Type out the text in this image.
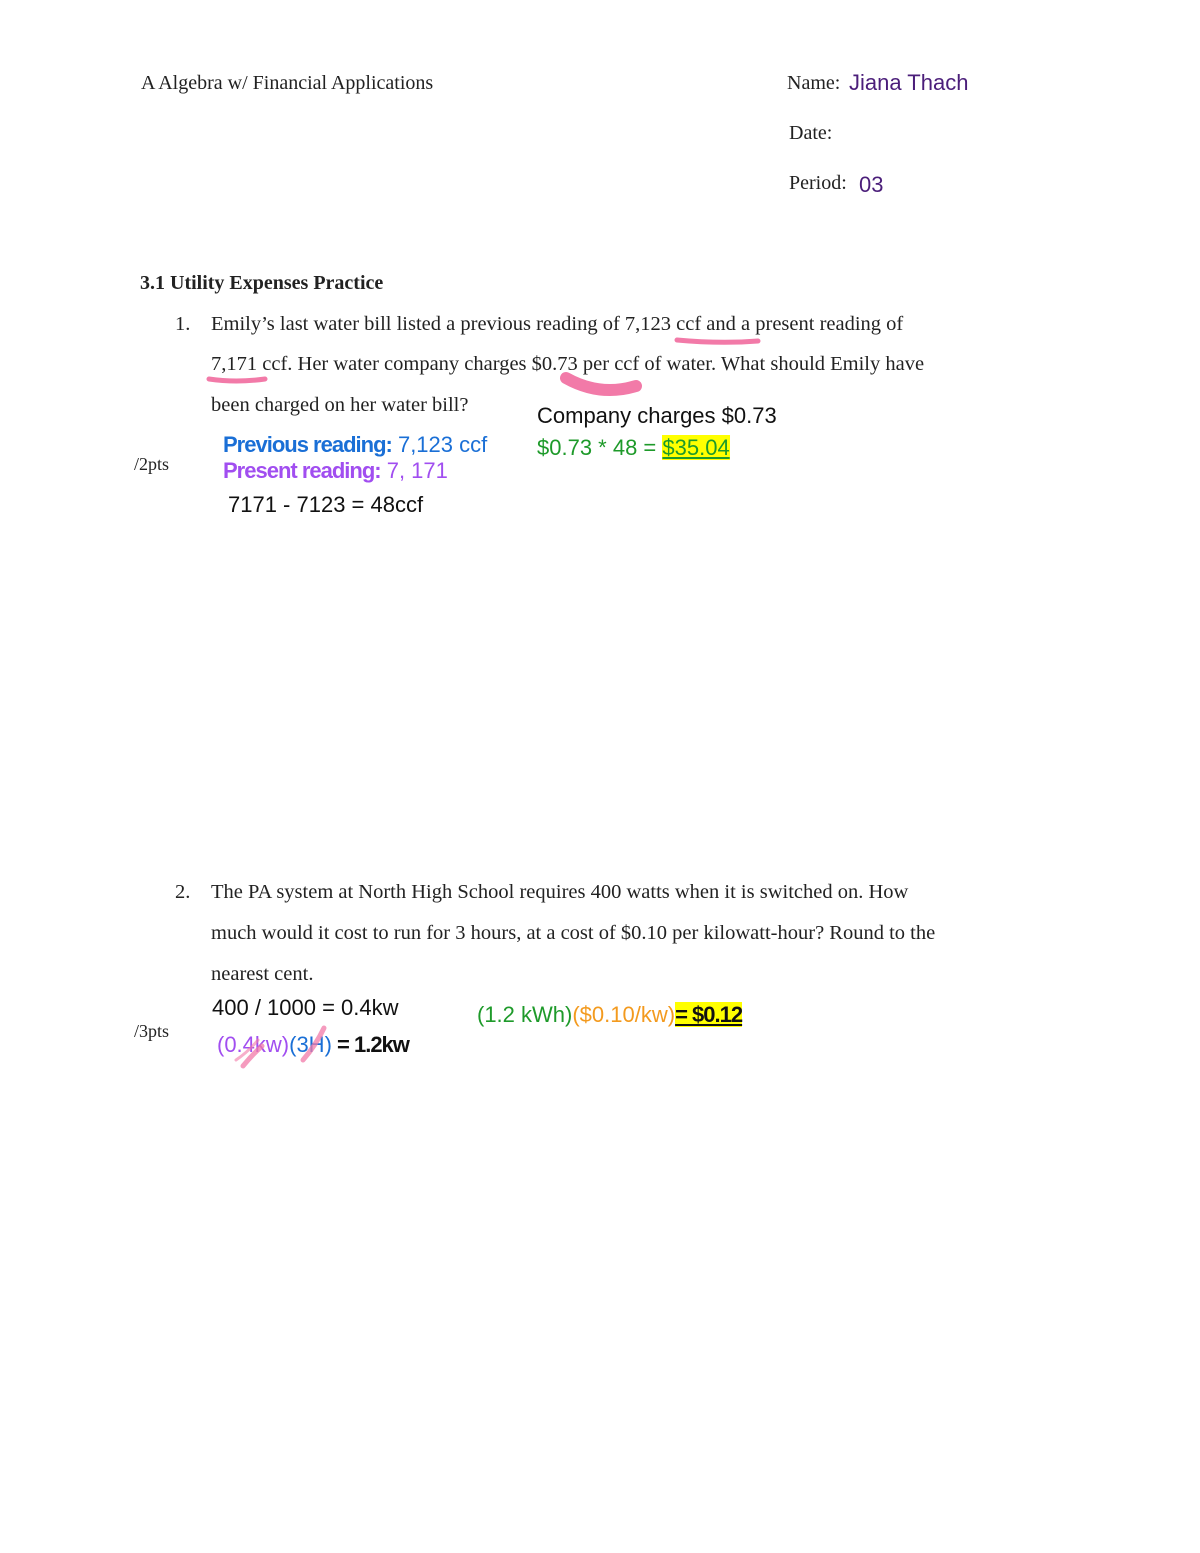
A Algebra w/ Financial Applications	Name: Jiana Thach
Date:
Period: 03
3.1 Utility Expenses Practice
1. Emily’s last water bill listed a previous reading of 7,123 ccf and a present reading of
7,171 ccf. Her water company charges $0.73 per ccf of water. What should Emily have
been charged on her water bill?
/2pts
Previous reading: 7,123 ccf
Present reading: 7, 171
7171 - 7123 = 48ccf
Company charges $0.73
$0.73 * 48 = $35.04
2. The PA system at North High School requires 400 watts when it is switched on. How
much would it cost to run for 3 hours, at a cost of $0.10 per kilowatt-hour? Round to the
nearest cent.
/3pts
400 / 1000 = 0.4kw
(0.4kw)(3H) = 1.2kw
(1.2 kWh)($0.10/kw)= $0.12
